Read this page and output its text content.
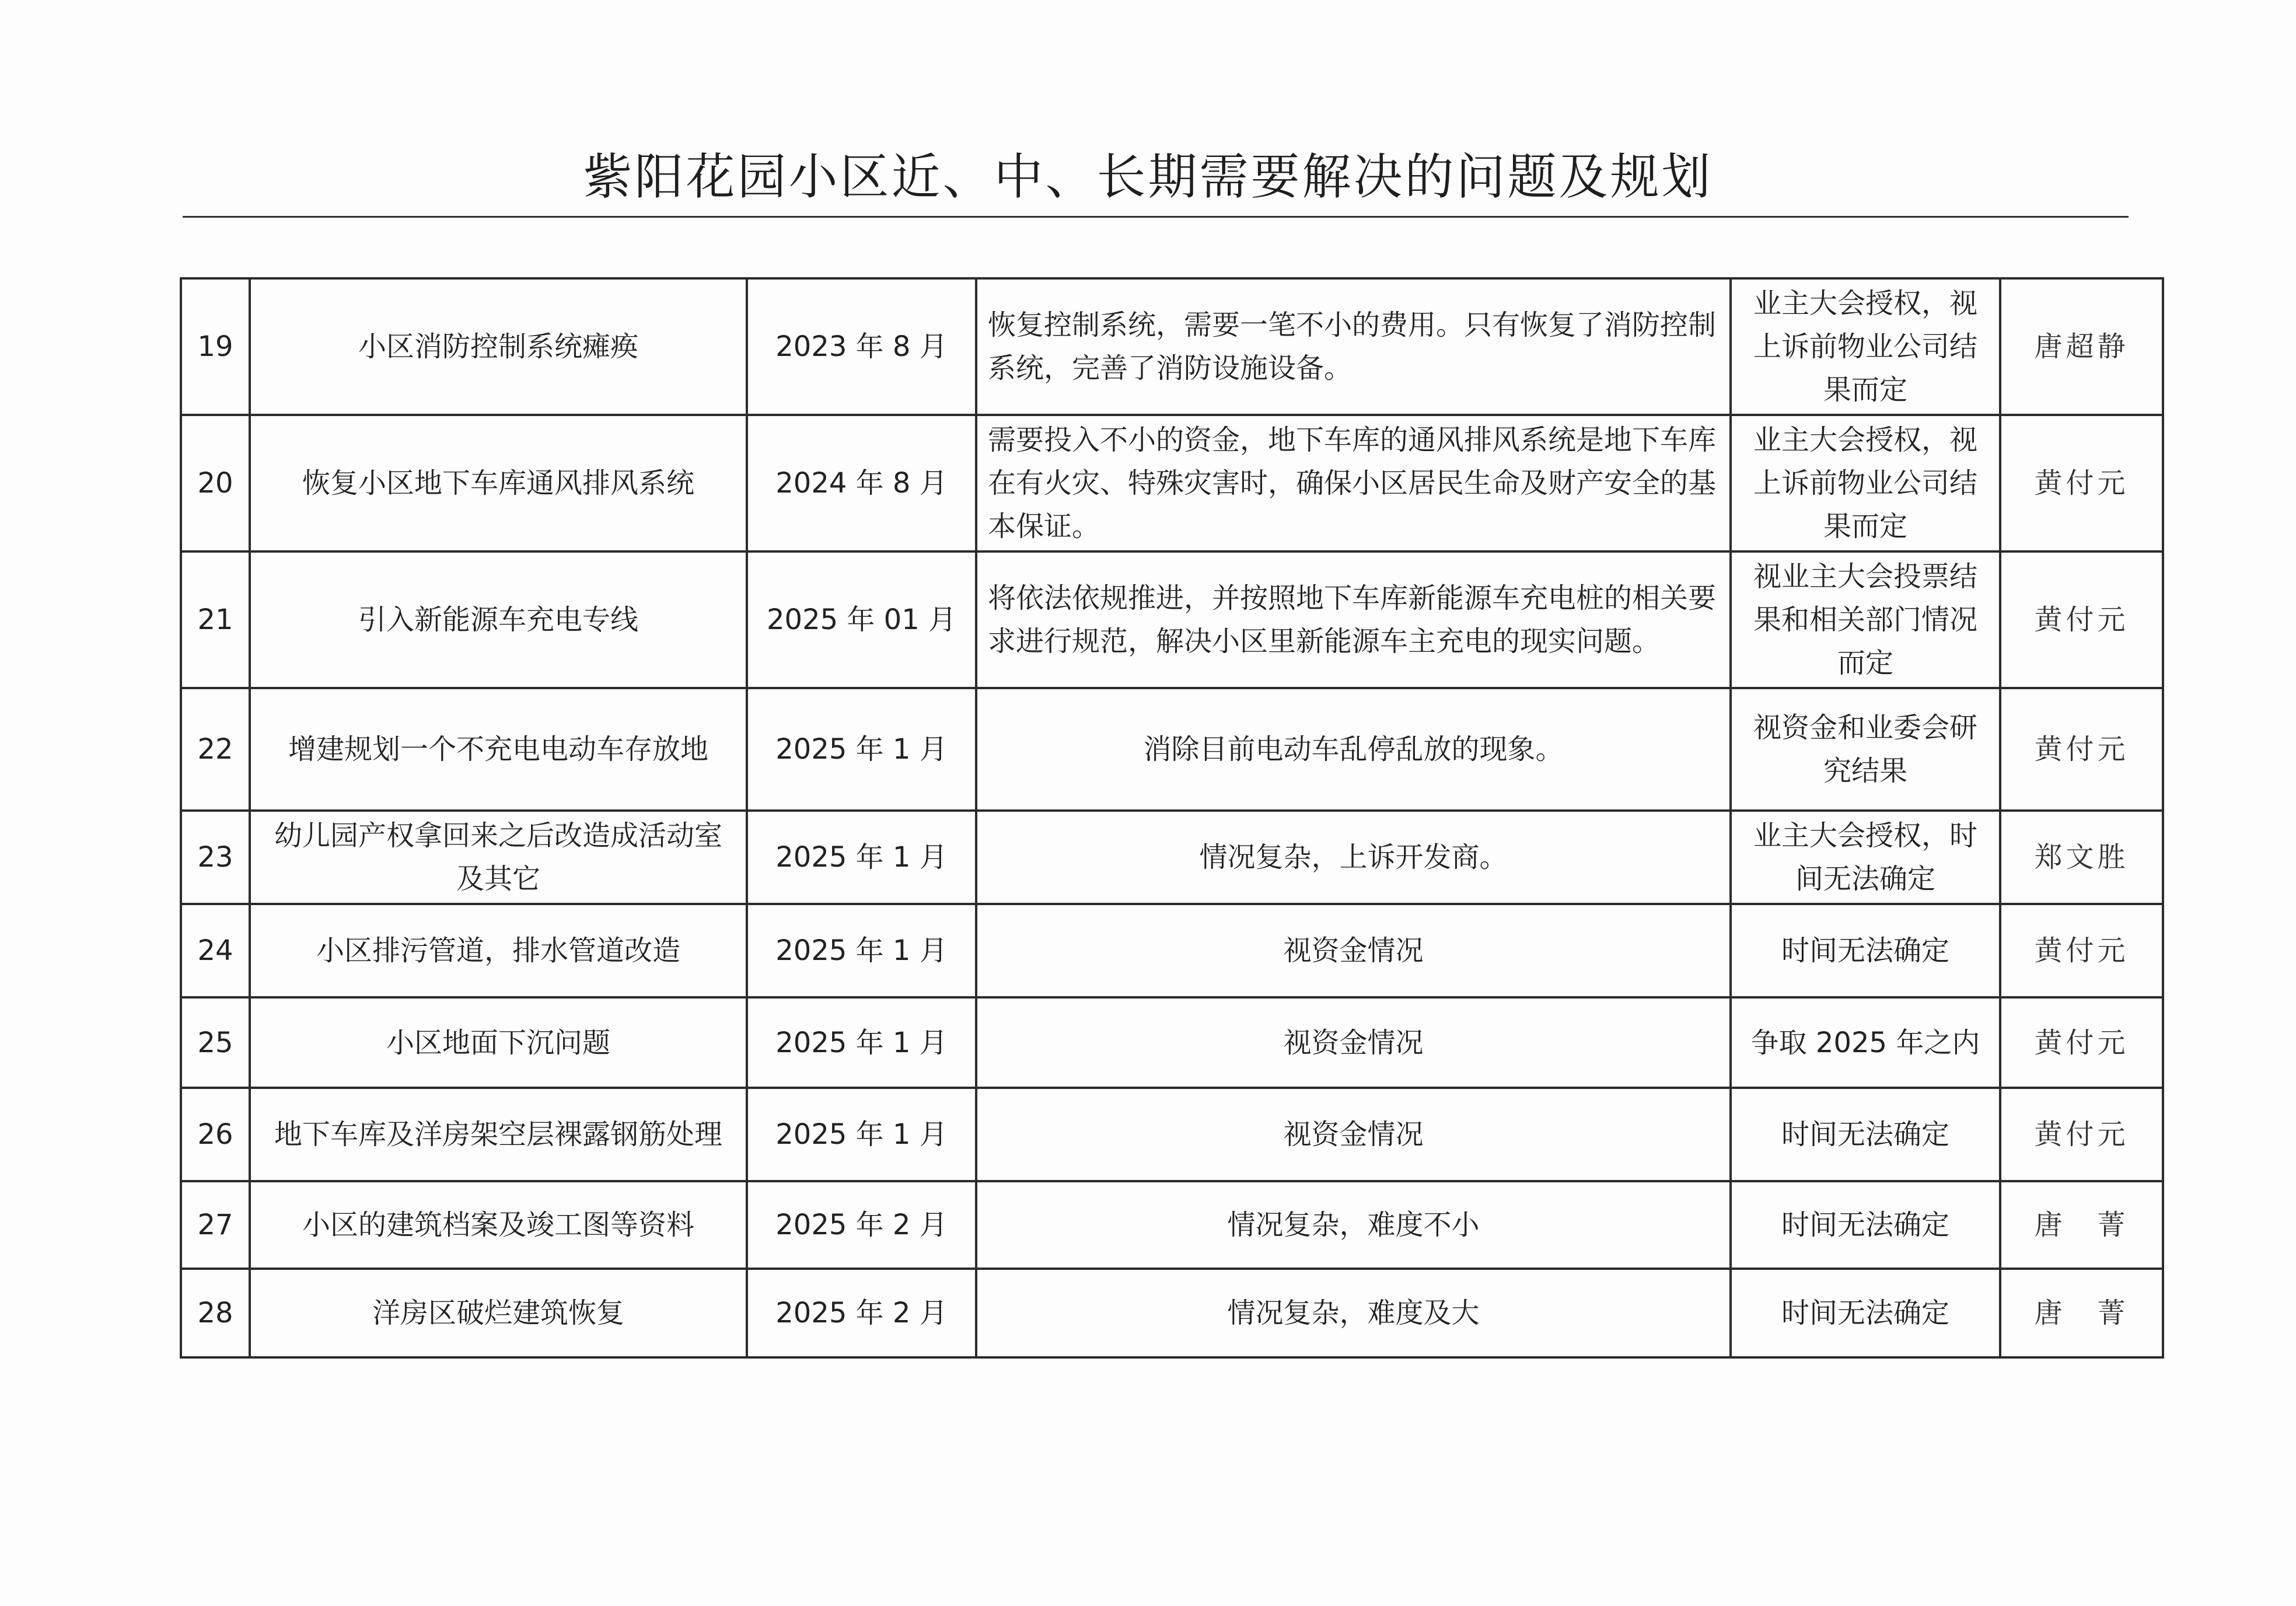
紫阳花园小区近、中、长期需要解决的问题及规划
19	小区消防控制系统瘫痪	2023 年 8 月	恢复控制系统，需要一笔不小的费用。只有恢复了消防控制系统，完善了消防设施设备。	业主大会授权，视上诉前物业公司结果而定	唐超静
20	恢复小区地下车库通风排风系统	2024 年 8 月	需要投入不小的资金，地下车库的通风排风系统是地下车库在有火灾、特殊灾害时，确保小区居民生命及财产安全的基本保证。	业主大会授权，视上诉前物业公司结果而定	黄付元
21	引入新能源车充电专线	2025 年 01 月	将依法依规推进，并按照地下车库新能源车充电桩的相关要求进行规范，解决小区里新能源车主充电的现实问题。	视业主大会投票结果和相关部门情况而定	黄付元
22	增建规划一个不充电电动车存放地	2025 年 1 月	消除目前电动车乱停乱放的现象。	视资金和业委会研究结果	黄付元
23	幼儿园产权拿回来之后改造成活动室及其它	2025 年 1 月	情况复杂，上诉开发商。	业主大会授权，时间无法确定	郑文胜
24	小区排污管道，排水管道改造	2025 年 1 月	视资金情况	时间无法确定	黄付元
25	小区地面下沉问题	2025 年 1 月	视资金情况	争取 2025 年之内	黄付元
26	地下车库及洋房架空层裸露钢筋处理	2025 年 1 月	视资金情况	时间无法确定	黄付元
27	小区的建筑档案及竣工图等资料	2025 年 2 月	情况复杂，难度不小	时间无法确定	唐　菁
28	洋房区破烂建筑恢复	2025 年 2 月	情况复杂，难度及大	时间无法确定	唐　菁
